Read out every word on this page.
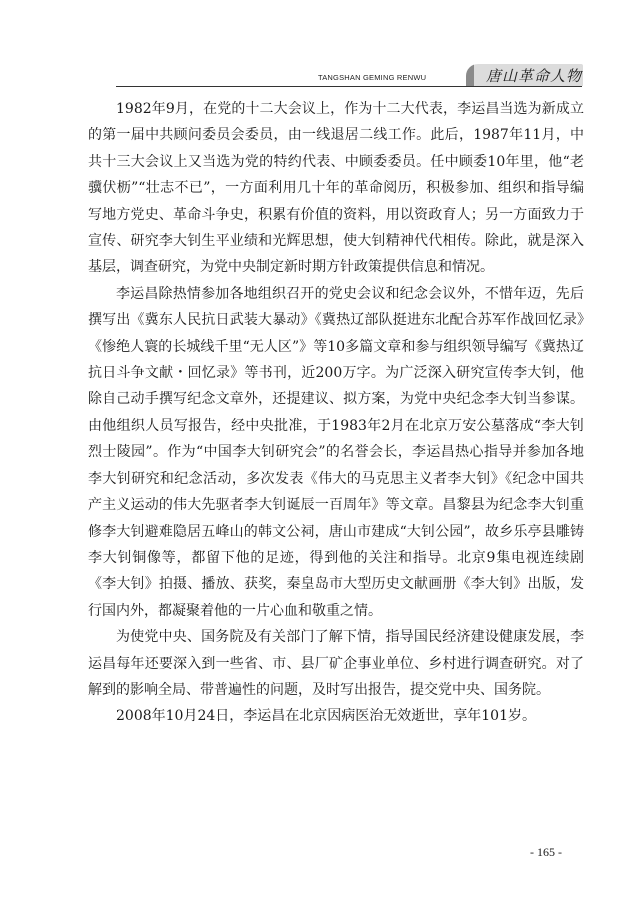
TANGSHAN GEMING RENWU	唐山革命人物

1982年9月，在党的十二大会议上，作为十二大代表，李运昌当选为新成立的第一届中共顾问委员会委员，由一线退居二线工作。此后，1987年11月，中共十三大会议上又当选为党的特约代表、中顾委委员。任中顾委10年里，他“老骥伏枥”“壮志不已”，一方面利用几十年的革命阅历，积极参加、组织和指导编写地方党史、革命斗争史，积累有价值的资料，用以资政育人；另一方面致力于宣传、研究李大钊生平业绩和光辉思想，使大钊精神代代相传。除此，就是深入基层，调查研究，为党中央制定新时期方针政策提供信息和情况。

李运昌除热情参加各地组织召开的党史会议和纪念会议外，不惜年迈，先后撰写出《冀东人民抗日武装大暴动》《冀热辽部队挺进东北配合苏军作战回忆录》《惨绝人寰的长城线千里“无人区”》等10多篇文章和参与组织领导编写《冀热辽抗日斗争文献・回忆录》等书刊，近200万字。为广泛深入研究宣传李大钊，他除自己动手撰写纪念文章外，还提建议、拟方案，为党中央纪念李大钊当参谋。由他组织人员写报告，经中央批准，于1983年2月在北京万安公墓落成“李大钊烈士陵园”。作为“中国李大钊研究会”的名誉会长，李运昌热心指导并参加各地李大钊研究和纪念活动，多次发表《伟大的马克思主义者李大钊》《纪念中国共产主义运动的伟大先驱者李大钊诞辰一百周年》等文章。昌黎县为纪念李大钊重修李大钊避难隐居五峰山的韩文公祠，唐山市建成“大钊公园”，故乡乐亭县雕铸李大钊铜像等，都留下他的足迹，得到他的关注和指导。北京9集电视连续剧《李大钊》拍摄、播放、获奖，秦皇岛市大型历史文献画册《李大钊》出版，发行国内外，都凝聚着他的一片心血和敬重之情。

为使党中央、国务院及有关部门了解下情，指导国民经济建设健康发展，李运昌每年还要深入到一些省、市、县厂矿企事业单位、乡村进行调查研究。对了解到的影响全局、带普遍性的问题，及时写出报告，提交党中央、国务院。

2008年10月24日，李运昌在北京因病医治无效逝世，享年101岁。

- 165 -
